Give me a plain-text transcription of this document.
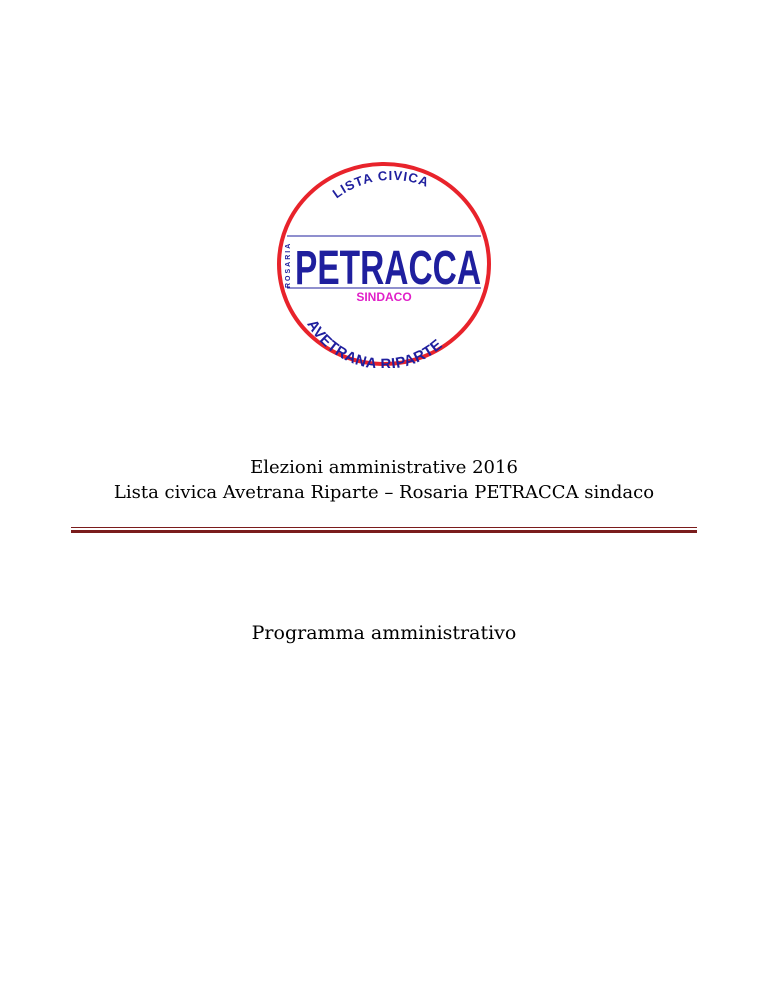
LISTA CIVICA
ROSARIA PETRACCA
SINDACO
AVETRANA RIPARTE
Elezioni amministrative 2016
Lista civica Avetrana Riparte – Rosaria PETRACCA sindaco
Programma amministrativo
